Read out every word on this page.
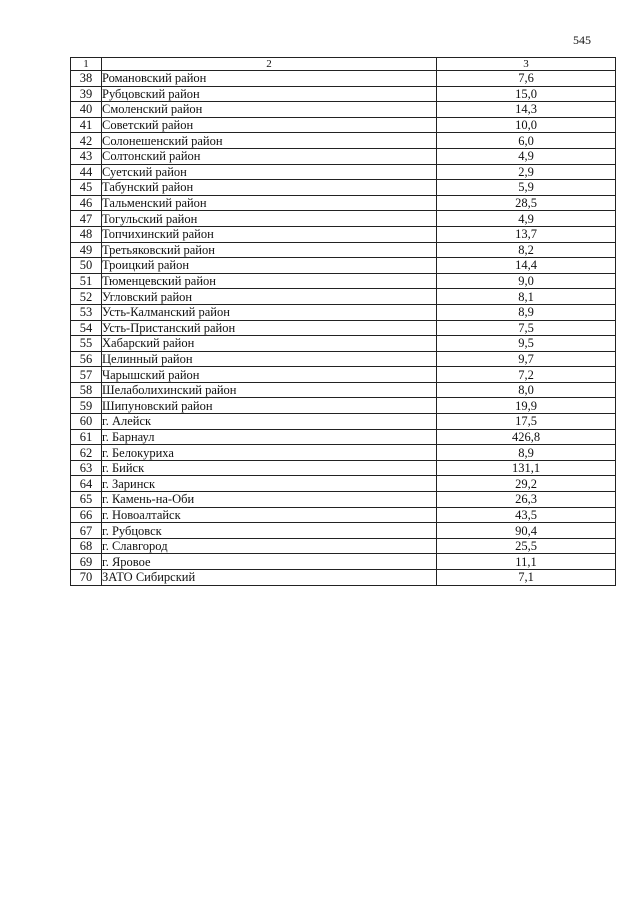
545
1	2	3
38	Романовский район	7,6
39	Рубцовский район	15,0
40	Смоленский район	14,3
41	Советский район	10,0
42	Солонешенский район	6,0
43	Солтонский район	4,9
44	Суетский район	2,9
45	Табунский район	5,9
46	Тальменский район	28,5
47	Тогульский район	4,9
48	Топчихинский район	13,7
49	Третьяковский район	8,2
50	Троицкий район	14,4
51	Тюменцевский район	9,0
52	Угловский район	8,1
53	Усть-Калманский район	8,9
54	Усть-Пристанский район	7,5
55	Хабарский район	9,5
56	Целинный район	9,7
57	Чарышский район	7,2
58	Шелаболихинский район	8,0
59	Шипуновский район	19,9
60	г. Алейск	17,5
61	г. Барнаул	426,8
62	г. Белокуриха	8,9
63	г. Бийск	131,1
64	г. Заринск	29,2
65	г. Камень-на-Оби	26,3
66	г. Новоалтайск	43,5
67	г. Рубцовск	90,4
68	г. Славгород	25,5
69	г. Яровое	11,1
70	ЗАТО Сибирский	7,1
